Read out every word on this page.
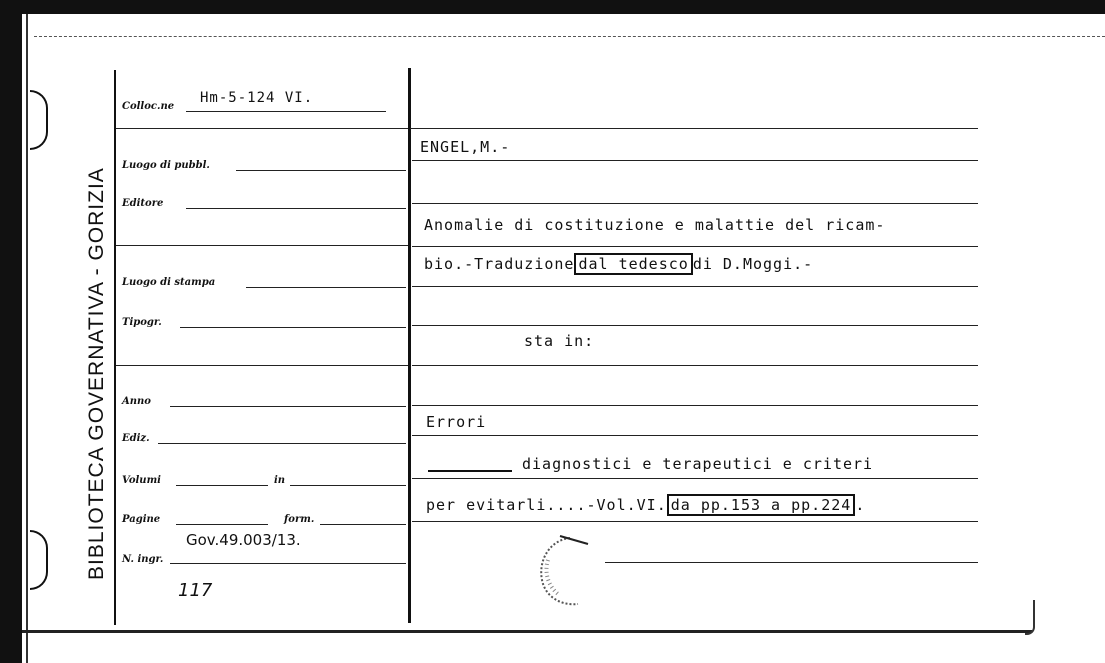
BIBLIOTECA GOVERNATIVA - GORIZIA
Colloc.ne
Hm-5-124 VI.
Luogo di pubbl.
Editore
Luogo di stampa
Tipogr.
Anno
Ediz.
Volumi	in
Pagine	form.
Gov.49.003/13.
N. ingr.
117
ENGEL,M.-
Anomalie di costituzione e malattie del ricam-
bio.-Traduzione dal tedesco di D.Moggi.-
sta in:
Errori
diagnostici e terapeutici e criteri
per evitarli....-Vol.VI. da pp.153 a pp.224 .
